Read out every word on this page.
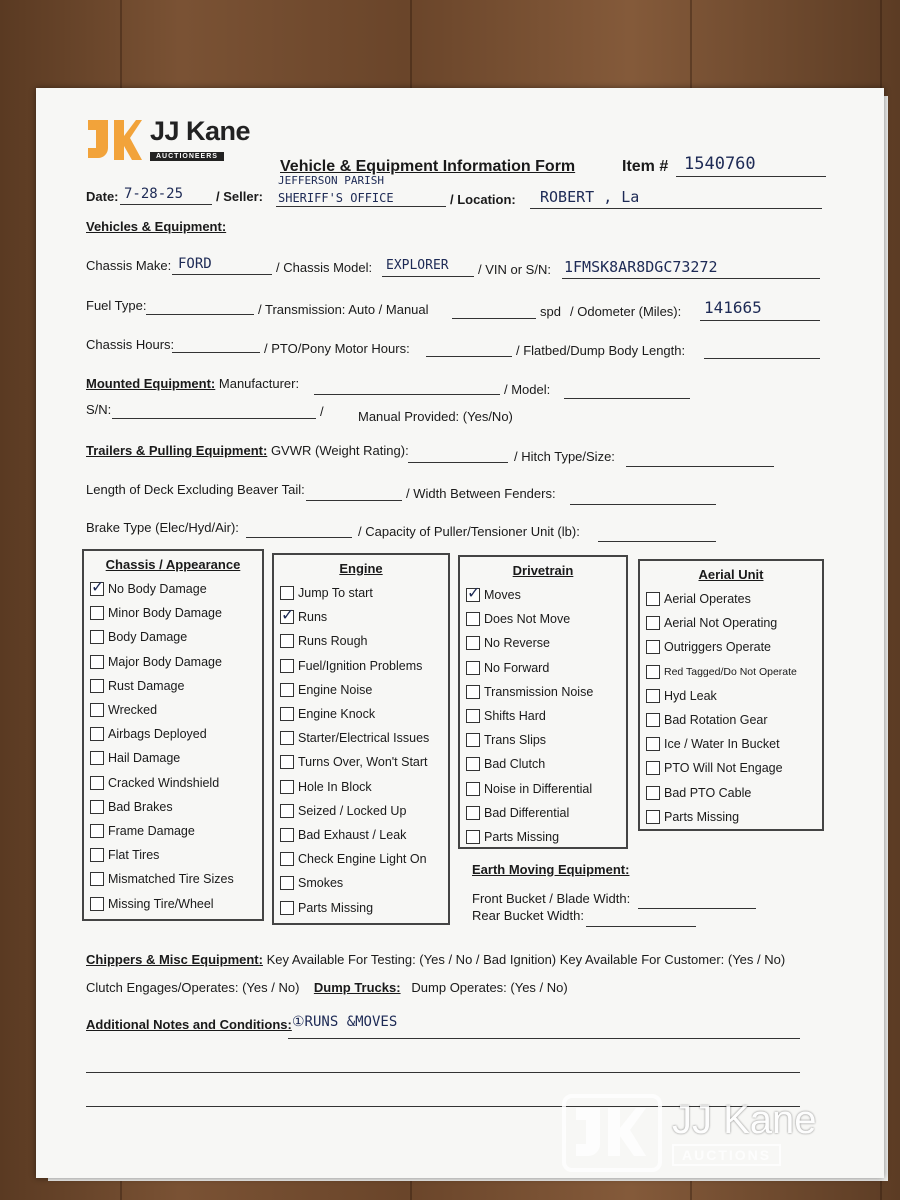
JJ Kane
AUCTIONEERS
Vehicle & Equipment Information Form	Item # 1540760
Date: 7-28-25	/ Seller:
JEFFERSON PARISH
SHERIFF'S OFFICE	/ Location: ROBERT , La
Vehicles & Equipment:
Chassis Make: FORD	/ Chassis Model: EXPLORER / VIN or S/N: 1FMSK8AR8DGC73272
Fuel Type:	/ Transmission: Auto / Manual	spd / Odometer (Miles): 141665
Chassis Hours:	/ PTO/Pony Motor Hours:	/ Flatbed/Dump Body Length:
Mounted Equipment: Manufacturer:	/ Model:
S/N:	/	Manual Provided: (Yes/No)
Trailers & Pulling Equipment: GVWR (Weight Rating):	/ Hitch Type/Size:
Length of Deck Excluding Beaver Tail:	/ Width Between Fenders:
Brake Type (Elec/Hyd/Air):	/ Capacity of Puller/Tensioner Unit (lb):
Chassis / Appearance
✓
No Body Damage
Minor Body Damage
Body Damage
Major Body Damage
Rust Damage
Wrecked
Airbags Deployed
Hail Damage
Cracked Windshield
Bad Brakes
Frame Damage
Flat Tires
Mismatched Tire Sizes
Missing Tire/Wheel
Engine
Jump To start
✓
Runs
Runs Rough
Fuel/Ignition Problems
Engine Noise
Engine Knock
Starter/Electrical Issues
Turns Over, Won't Start
Hole In Block
Seized / Locked Up
Bad Exhaust / Leak
Check Engine Light On
Smokes
Parts Missing
Drivetrain
✓
Moves
Does Not Move
No Reverse
No Forward
Transmission Noise
Shifts Hard
Trans Slips
Bad Clutch
Noise in Differential
Bad Differential
Parts Missing
Aerial Unit
Aerial Operates
Aerial Not Operating
Outriggers Operate
Red Tagged/Do Not Operate
Hyd Leak
Bad Rotation Gear
Ice / Water In Bucket
PTO Will Not Engage
Bad PTO Cable
Parts Missing
Earth Moving Equipment:
Front Bucket / Blade Width:
Rear Bucket Width:
Chippers & Misc Equipment: Key Available For Testing: (Yes / No / Bad Ignition) Key Available For Customer: (Yes / No)
Clutch Engages/Operates: (Yes / No) Dump Trucks: Dump Operates: (Yes / No)
Additional Notes and Conditions: ①RUNS &MOVES
JJ Kane
AUCTIONS
